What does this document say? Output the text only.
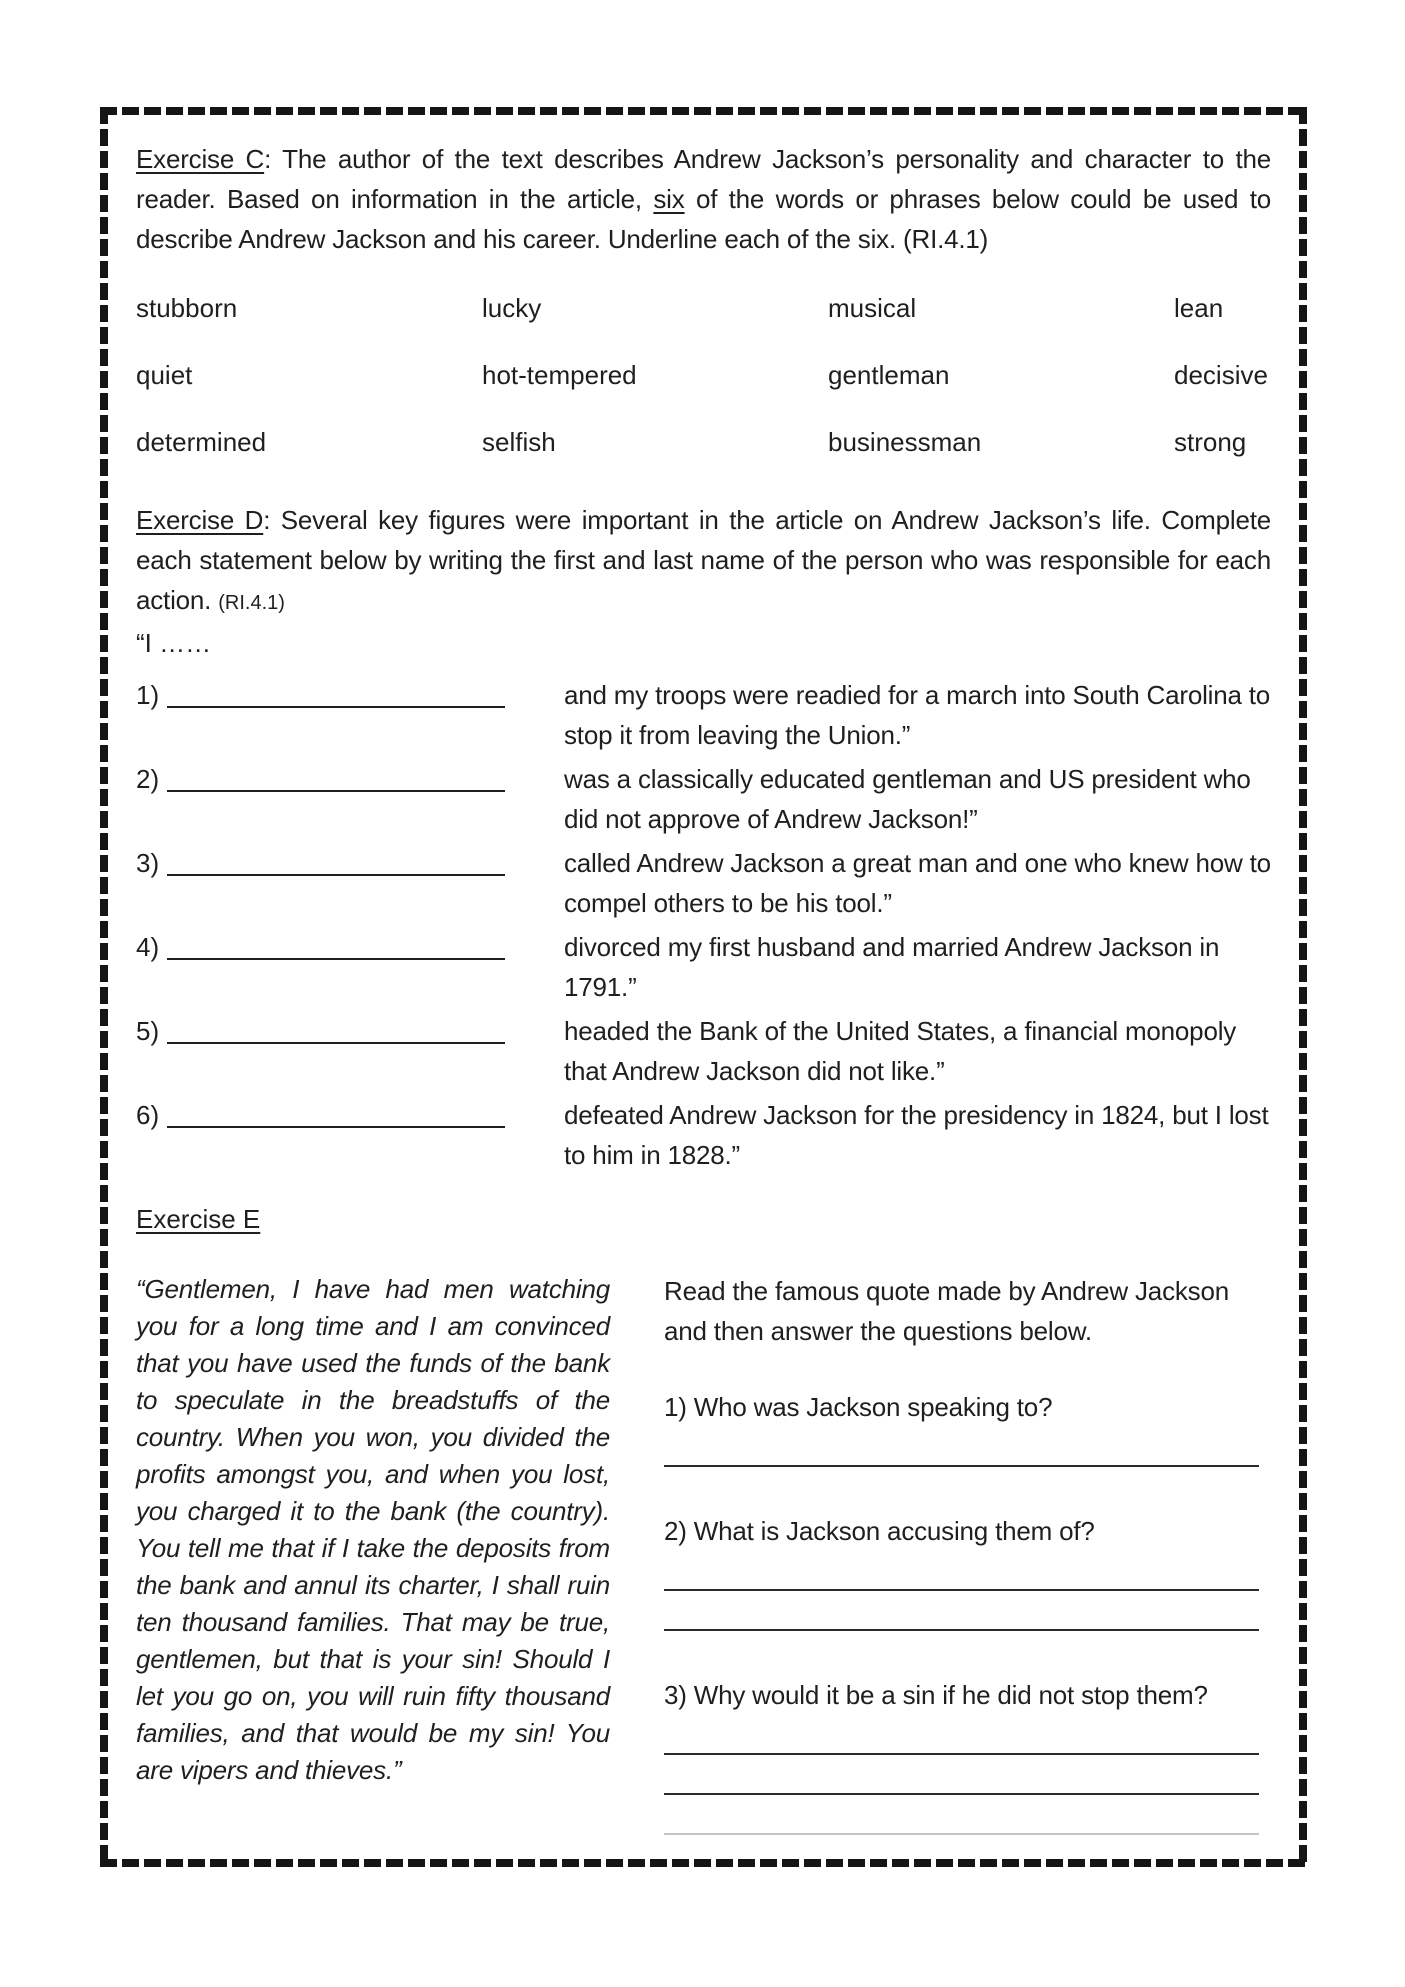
Exercise C: The author of the text describes Andrew Jackson’s personality and character to the reader. Based on information in the article, six of the words or phrases below could be used to describe Andrew Jackson and his career. Underline each of the six. (RI.4.1)

stubborn	lucky	musical	lean
quiet	hot-tempered	gentleman	decisive
determined	selfish	businessman	strong

Exercise D: Several key figures were important in the article on Andrew Jackson’s life. Complete each statement below by writing the first and last name of the person who was responsible for each action. (RI.4.1)

“I ……

1)	and my troops were readied for a march into South Carolina to stop it from leaving the Union.”
2)	was a classically educated gentleman and US president who did not approve of Andrew Jackson!”
3)	called Andrew Jackson a great man and one who knew how to compel others to be his tool.”
4)	divorced my first husband and married Andrew Jackson in 1791.”
5)	headed the Bank of the United States, a financial monopoly that Andrew Jackson did not like.”
6)	defeated Andrew Jackson for the presidency in 1824, but I lost to him in 1828.”

Exercise E

“Gentlemen, I have had men watching you for a long time and I am convinced that you have used the funds of the bank to speculate in the breadstuffs of the country. When you won, you divided the profits amongst you, and when you lost, you charged it to the bank (the country). You tell me that if I take the deposits from the bank and annul its charter, I shall ruin ten thousand families. That may be true, gentlemen, but that is your sin! Should I let you go on, you will ruin fifty thousand families, and that would be my sin! You are vipers and thieves.”

Read the famous quote made by Andrew Jackson and then answer the questions below.

1) Who was Jackson speaking to?

2) What is Jackson accusing them of?

3) Why would it be a sin if he did not stop them?
